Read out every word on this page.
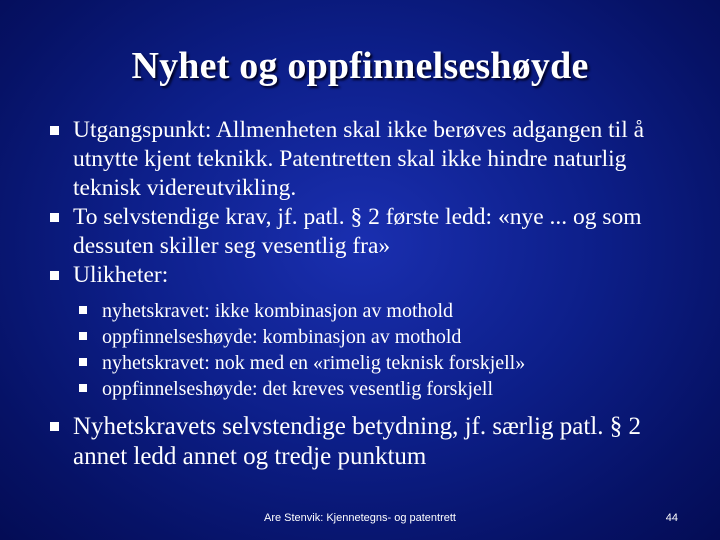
Nyhet og oppfinnelseshøyde
Utgangspunkt: Allmenheten skal ikke berøves adgangen til å utnytte kjent teknikk. Patentretten skal ikke hindre naturlig teknisk videreutvikling.
To selvstendige krav, jf. patl. § 2 første ledd: «nye ... og som dessuten skiller seg vesentlig fra»
Ulikheter:
nyhetskravet: ikke kombinasjon av mothold
oppfinnelseshøyde: kombinasjon av mothold
nyhetskravet: nok med en «rimelig teknisk forskjell»
oppfinnelseshøyde: det kreves vesentlig forskjell
Nyhetskravets selvstendige betydning, jf. særlig patl. § 2 annet ledd annet og tredje punktum
Are Stenvik: Kjennetegns- og patentrett	44
